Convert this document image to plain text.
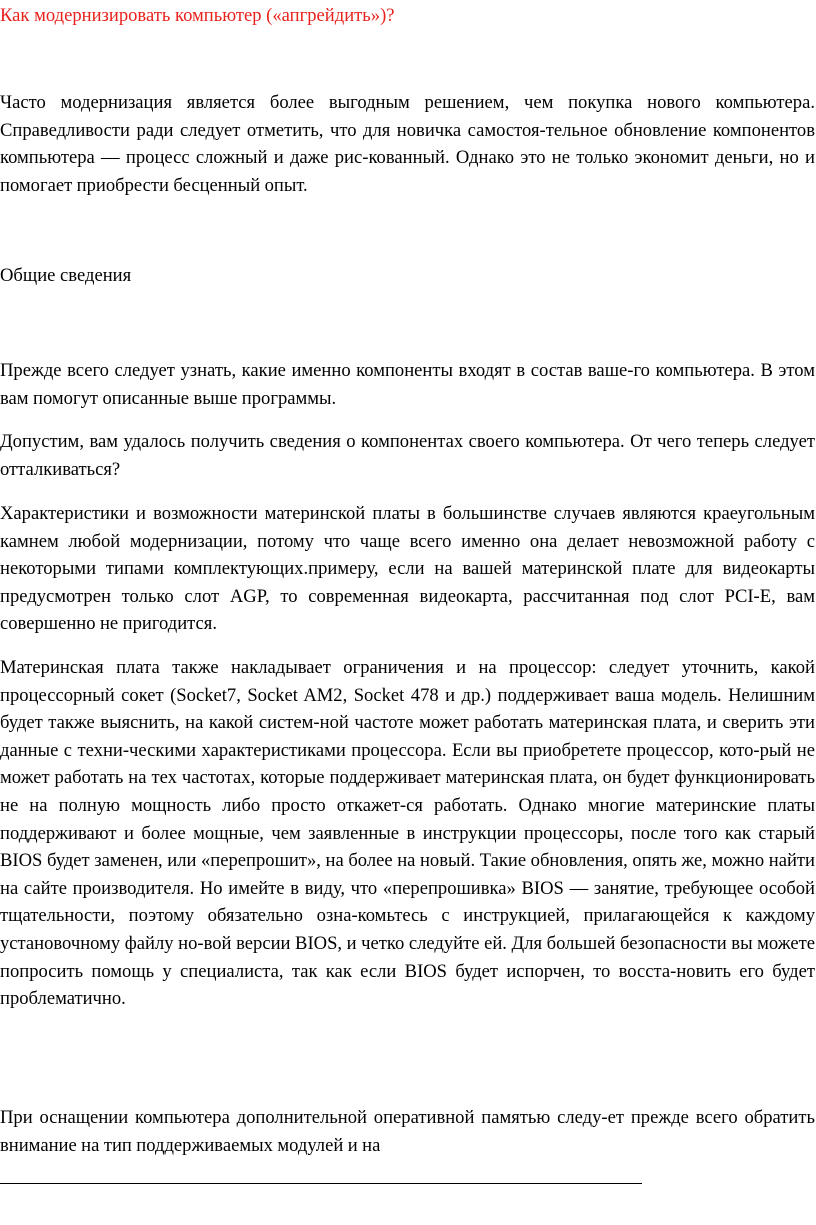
Как модернизировать компьютер («апгрейдить»)?

Часто модернизация является более выгодным решением, чем покупка нового компьютера. Справедливости ради следует отметить, что для новичка самостоя-тельное обновление компонентов компьютера — процесс сложный и даже рис-кованный. Однако это не только экономит деньги, но и помогает приобрести бесценный опыт.

Общие сведения

Прежде всего следует узнать, какие именно компоненты входят в состав ваше-го компьютера. В этом вам помогут описанные выше программы.

Допустим, вам удалось получить сведения о компонентах своего компьютера. От чего теперь следует отталкиваться?

Характеристики и возможности материнской платы в большинстве случаев являются краеугольным камнем любой модернизации, потому что чаще всего именно она делает невозможной работу с некоторыми типами комплектующих.примеру, если на вашей материнской плате для видеокарты предусмотрен только слот AGP, то современная видеокарта, рассчитанная под слот PCI-E, вам совершенно не пригодится.

Материнская плата также накладывает ограничения и на процессор: следует уточнить, какой процессорный сокет (Socket7, Socket AM2, Socket 478 и др.) поддерживает ваша модель. Нелишним будет также выяснить, на какой систем-ной частоте может работать материнская плата, и сверить эти данные с техни-ческими характеристиками процессора. Если вы приобретете процессор, кото-рый не может работать на тех частотах, которые поддерживает материнская плата, он будет функционировать не на полную мощность либо просто откажет-ся работать. Однако многие материнские платы поддерживают и более мощные, чем заявленные в инструкции процессоры, после того как старый BIOS будет заменен, или «перепрошит», на более на новый. Такие обновления, опять же, можно найти на сайте производителя. Но имейте в виду, что «перепрошивка» BIOS — занятие, требующее особой тщательности, поэтому обязательно озна-комьтесь с инструкцией, прилагающейся к каждому установочному файлу но-вой версии BIOS, и четко следуйте ей. Для большей безопасности вы можете попросить помощь у специалиста, так как если BIOS будет испорчен, то восста-новить его будет проблематично.

При оснащении компьютера дополнительной оперативной памятью следу-ет прежде всего обратить внимание на тип поддерживаемых модулей и на
